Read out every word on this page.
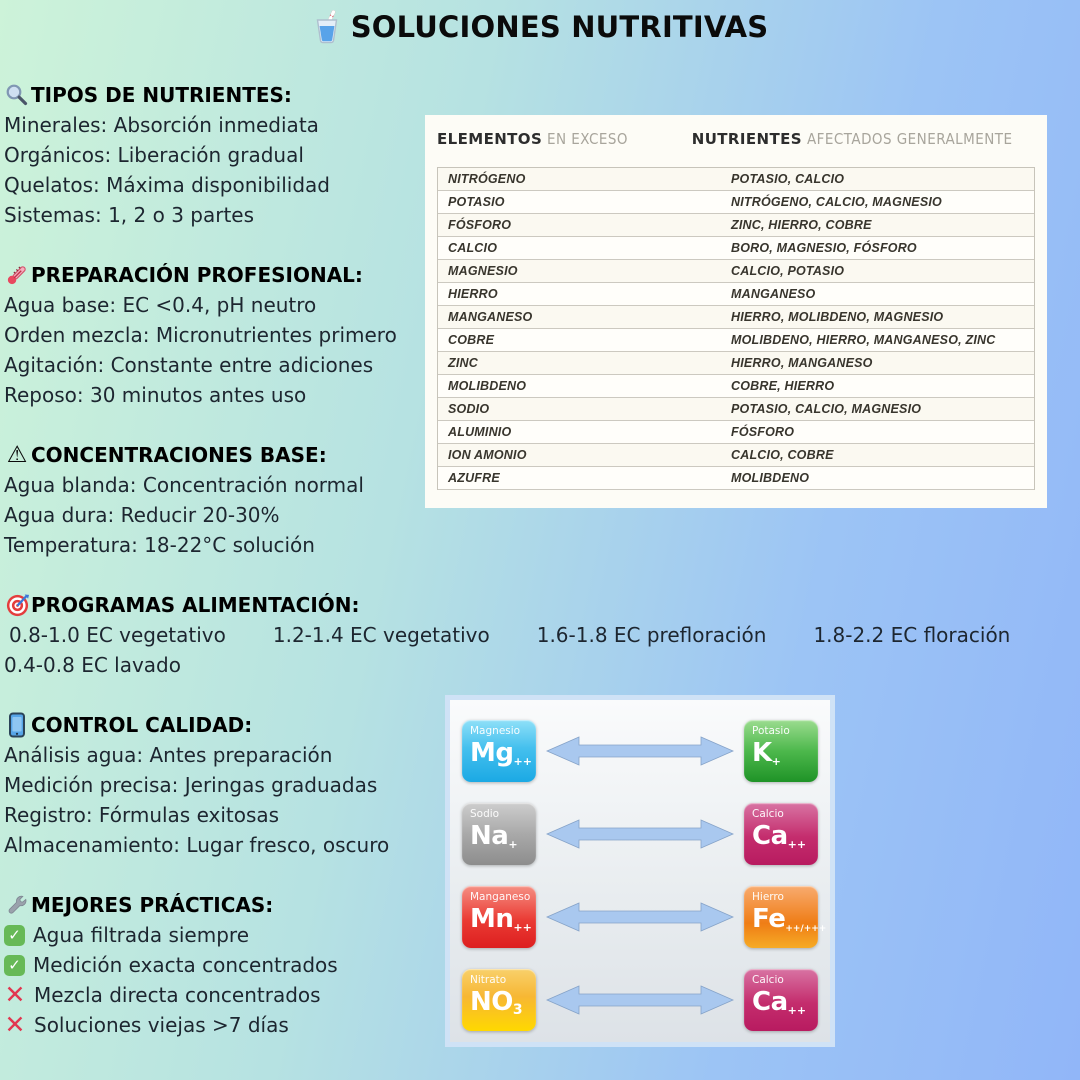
SOLUCIONES NUTRITIVAS
TIPOS DE NUTRIENTES:
Minerales: Absorción inmediata
Orgánicos: Liberación gradual
Quelatos: Máxima disponibilidad
Sistemas: 1, 2 o 3 partes
PREPARACIÓN PROFESIONAL:
Agua base: EC <0.4, pH neutro
Orden mezcla: Micronutrientes primero
Agitación: Constante entre adiciones
Reposo: 30 minutos antes uso
⚠ CONCENTRACIONES BASE:
Agua blanda: Concentración normal
Agua dura: Reducir 20-30%
Temperatura: 18-22°C solución
PROGRAMAS ALIMENTACIÓN:
0.8-1.0 EC vegetativo 1.2-1.4 EC vegetativo 1.6-1.8 EC prefloración 1.8-2.2 EC floración
0.4-0.8 EC lavado
CONTROL CALIDAD:
Análisis agua: Antes preparación
Medición precisa: Jeringas graduadas
Registro: Fórmulas exitosas
Almacenamiento: Lugar fresco, oscuro
MEJORES PRÁCTICAS:
✓ Agua filtrada siempre
✓ Medición exacta concentrados
✕ Mezcla directa concentrados
✕ Soluciones viejas >7 días
ELEMENTOS EN EXCESO	NUTRIENTES AFECTADOS GENERALMENTE
NITRÓGENO	POTASIO, CALCIO
POTASIO	NITRÓGENO, CALCIO, MAGNESIO
FÓSFORO	ZINC, HIERRO, COBRE
CALCIO	BORO, MAGNESIO, FÓSFORO
MAGNESIO	CALCIO, POTASIO
HIERRO	MANGANESO
MANGANESO	HIERRO, MOLIBDENO, MAGNESIO
COBRE	MOLIBDENO, HIERRO, MANGANESO, ZINC
ZINC	HIERRO, MANGANESO
MOLIBDENO	COBRE, HIERRO
SODIO	POTASIO, CALCIO, MAGNESIO
ALUMINIO	FÓSFORO
ION AMONIO	CALCIO, COBRE
AZUFRE	MOLIBDENO
Magnesio
Mg++
Potasio
K+
Sodio
Na+
Calcio
Ca++
Manganeso
Mn++
Hierro
Fe++/+++
Nitrato
NO3
Calcio
Ca++
